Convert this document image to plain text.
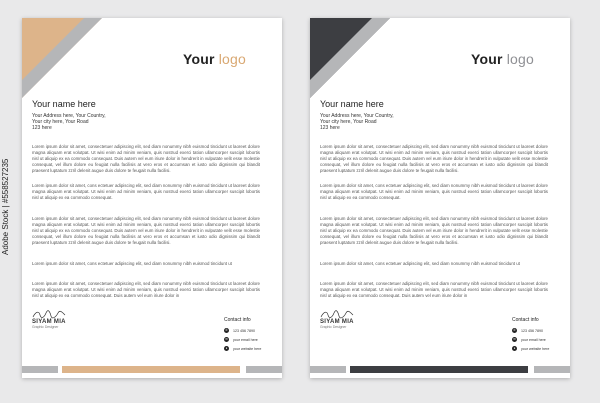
Your logo
Your name here
Your Address here, Your Country,
Your city here, Your Road
123 here
Lorem ipsum dolor sit amet, consectetuer adipiscing elit, sed diam nonummy nibh euismod tincidunt ut laoreet dolore magna aliquam erat volutpat. Ut wisi enim ad minim veniam, quis nostrud exerci tation ullamcorper suscipit lobortis nisl ut aliquip ex ea commodo consequat. Duis autem vel eum iriure dolor in hendrerit in vulputate velit esse molestie consequat, vel illum dolore eu feugiat nulla facilisis at vero eros et accumsan et iusto odio dignissim qui blandit praesent luptatum zzril delenit augue duis dolore te feugait nulla facilisi.
Lorem ipsum dolor sit amet, cons ectetuer adipiscing elit, sed diam nonummy nibh euismod tincidunt ut laoreet dolore magna aliquam erat volutpat. Ut wisi enim ad minim veniam, quis nostrud exerci tation ullamcorper suscipit lobortis nisl ut aliquip ex ea commodo consequat.
Lorem ipsum dolor sit amet, consectetuer adipiscing elit, sed diam nonummy nibh euismod tincidunt ut laoreet dolore magna aliquam erat volutpat. Ut wisi enim ad minim veniam, quis nostrud exerci tation ullamcorper suscipit lobortis nisl ut aliquip ex ea commodo consequat. Duis autem vel eum iriure dolor in hendrerit in vulputate velit esse molestie consequat, vel illum dolore eu feugiat nulla facilisis at vero eros et accumsan et iusto odio dignissim qui blandit praesent luptatum zzril delenit augue duis dolore te feugait nulla facilisi.
Lorem ipsum dolor sit amet, cons ectetuer adipiscing elit, sed diam nonummy nibh euismod tincidunt ut
Lorem ipsum dolor sit amet, consectetuer adipiscing elit, sed diam nonummy nibh euismod tincidunt ut laoreet dolore magna aliquam erat volutpat. Ut wisi enim ad minim veniam, quis nostrud exerci tation ullamcorper suscipit lobortis nisl ut aliquip ex ea commodo consequat. Duis autem vel eum iriure dolor in
SIYAM MIA
Graphic Designer
Contact info
✆	123 456 7890
✉	your email here
●	your website here
Your logo
Your name here
Your Address here, Your Country,
Your city here, Your Road
123 here
Lorem ipsum dolor sit amet, consectetuer adipiscing elit, sed diam nonummy nibh euismod tincidunt ut laoreet dolore magna aliquam erat volutpat. Ut wisi enim ad minim veniam, quis nostrud exerci tation ullamcorper suscipit lobortis nisl ut aliquip ex ea commodo consequat. Duis autem vel eum iriure dolor in hendrerit in vulputate velit esse molestie consequat, vel illum dolore eu feugiat nulla facilisis at vero eros et accumsan et iusto odio dignissim qui blandit praesent luptatum zzril delenit augue duis dolore te feugait nulla facilisi.
Lorem ipsum dolor sit amet, cons ectetuer adipiscing elit, sed diam nonummy nibh euismod tincidunt ut laoreet dolore magna aliquam erat volutpat. Ut wisi enim ad minim veniam, quis nostrud exerci tation ullamcorper suscipit lobortis nisl ut aliquip ex ea commodo consequat.
Lorem ipsum dolor sit amet, consectetuer adipiscing elit, sed diam nonummy nibh euismod tincidunt ut laoreet dolore magna aliquam erat volutpat. Ut wisi enim ad minim veniam, quis nostrud exerci tation ullamcorper suscipit lobortis nisl ut aliquip ex ea commodo consequat. Duis autem vel eum iriure dolor in hendrerit in vulputate velit esse molestie consequat, vel illum dolore eu feugiat nulla facilisis at vero eros et accumsan et iusto odio dignissim qui blandit praesent luptatum zzril delenit augue duis dolore te feugait nulla facilisi.
Lorem ipsum dolor sit amet, cons ectetuer adipiscing elit, sed diam nonummy nibh euismod tincidunt ut
Lorem ipsum dolor sit amet, consectetuer adipiscing elit, sed diam nonummy nibh euismod tincidunt ut laoreet dolore magna aliquam erat volutpat. Ut wisi enim ad minim veniam, quis nostrud exerci tation ullamcorper suscipit lobortis nisl ut aliquip ex ea commodo consequat. Duis autem vel eum iriure dolor in
SIYAM MIA
Graphic Designer
Contact info
✆	123 456 7890
✉	your email here
●	your website here
Adobe Stock | #558527235
